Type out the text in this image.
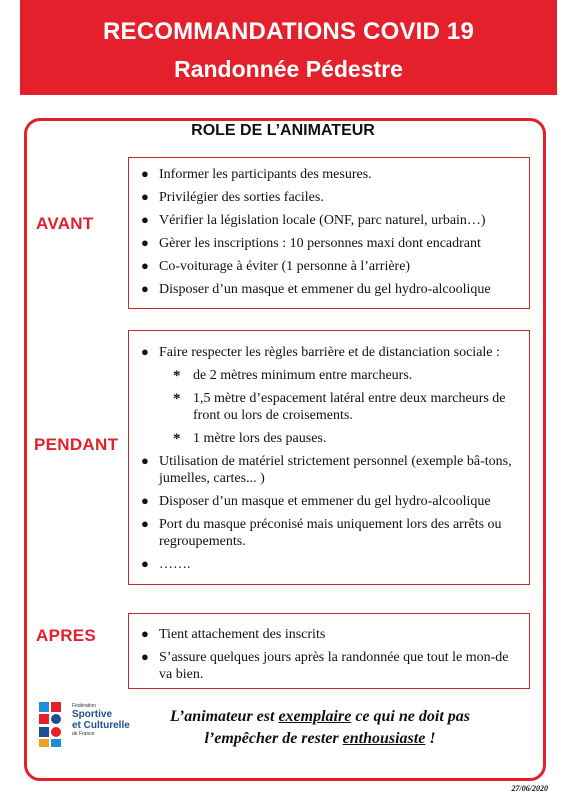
RECOMMANDATIONS COVID 19
Randonnée Pédestre
ROLE DE L’ANIMATEUR
AVANT
● Informer les participants des mesures.
● Privilégier des sorties faciles.
● Vérifier la législation locale (ONF, parc naturel, urbain…)
● Gèrer les inscriptions : 10 personnes maxi dont encadrant
● Co-voiturage à éviter (1 personne à l’arrière)
● Disposer d’un masque et emmener du gel hydro-alcoolique
PENDANT
● Faire respecter les règles barrière et de distanciation sociale :
* de 2 mètres minimum entre marcheurs.
* 1,5 mètre d’espacement latéral entre deux marcheurs de front ou lors de croisements.
* 1 mètre lors des pauses.
● Utilisation de matériel strictement personnel (exemple bâ-tons, jumelles, cartes... )
● Disposer d’un masque et emmener du gel hydro-alcoolique
● Port du masque préconisé mais uniquement lors des arrêts ou regroupements.
● …….
APRES	● Tient attachement des inscrits
● S’assure quelques jours après la randonnée que tout le mon-de va bien.
Fédération
Sportive
et Culturelle
de France
L’animateur est exemplaire ce qui ne doit pas l’empêcher de rester enthousiaste !
27/06/2020
